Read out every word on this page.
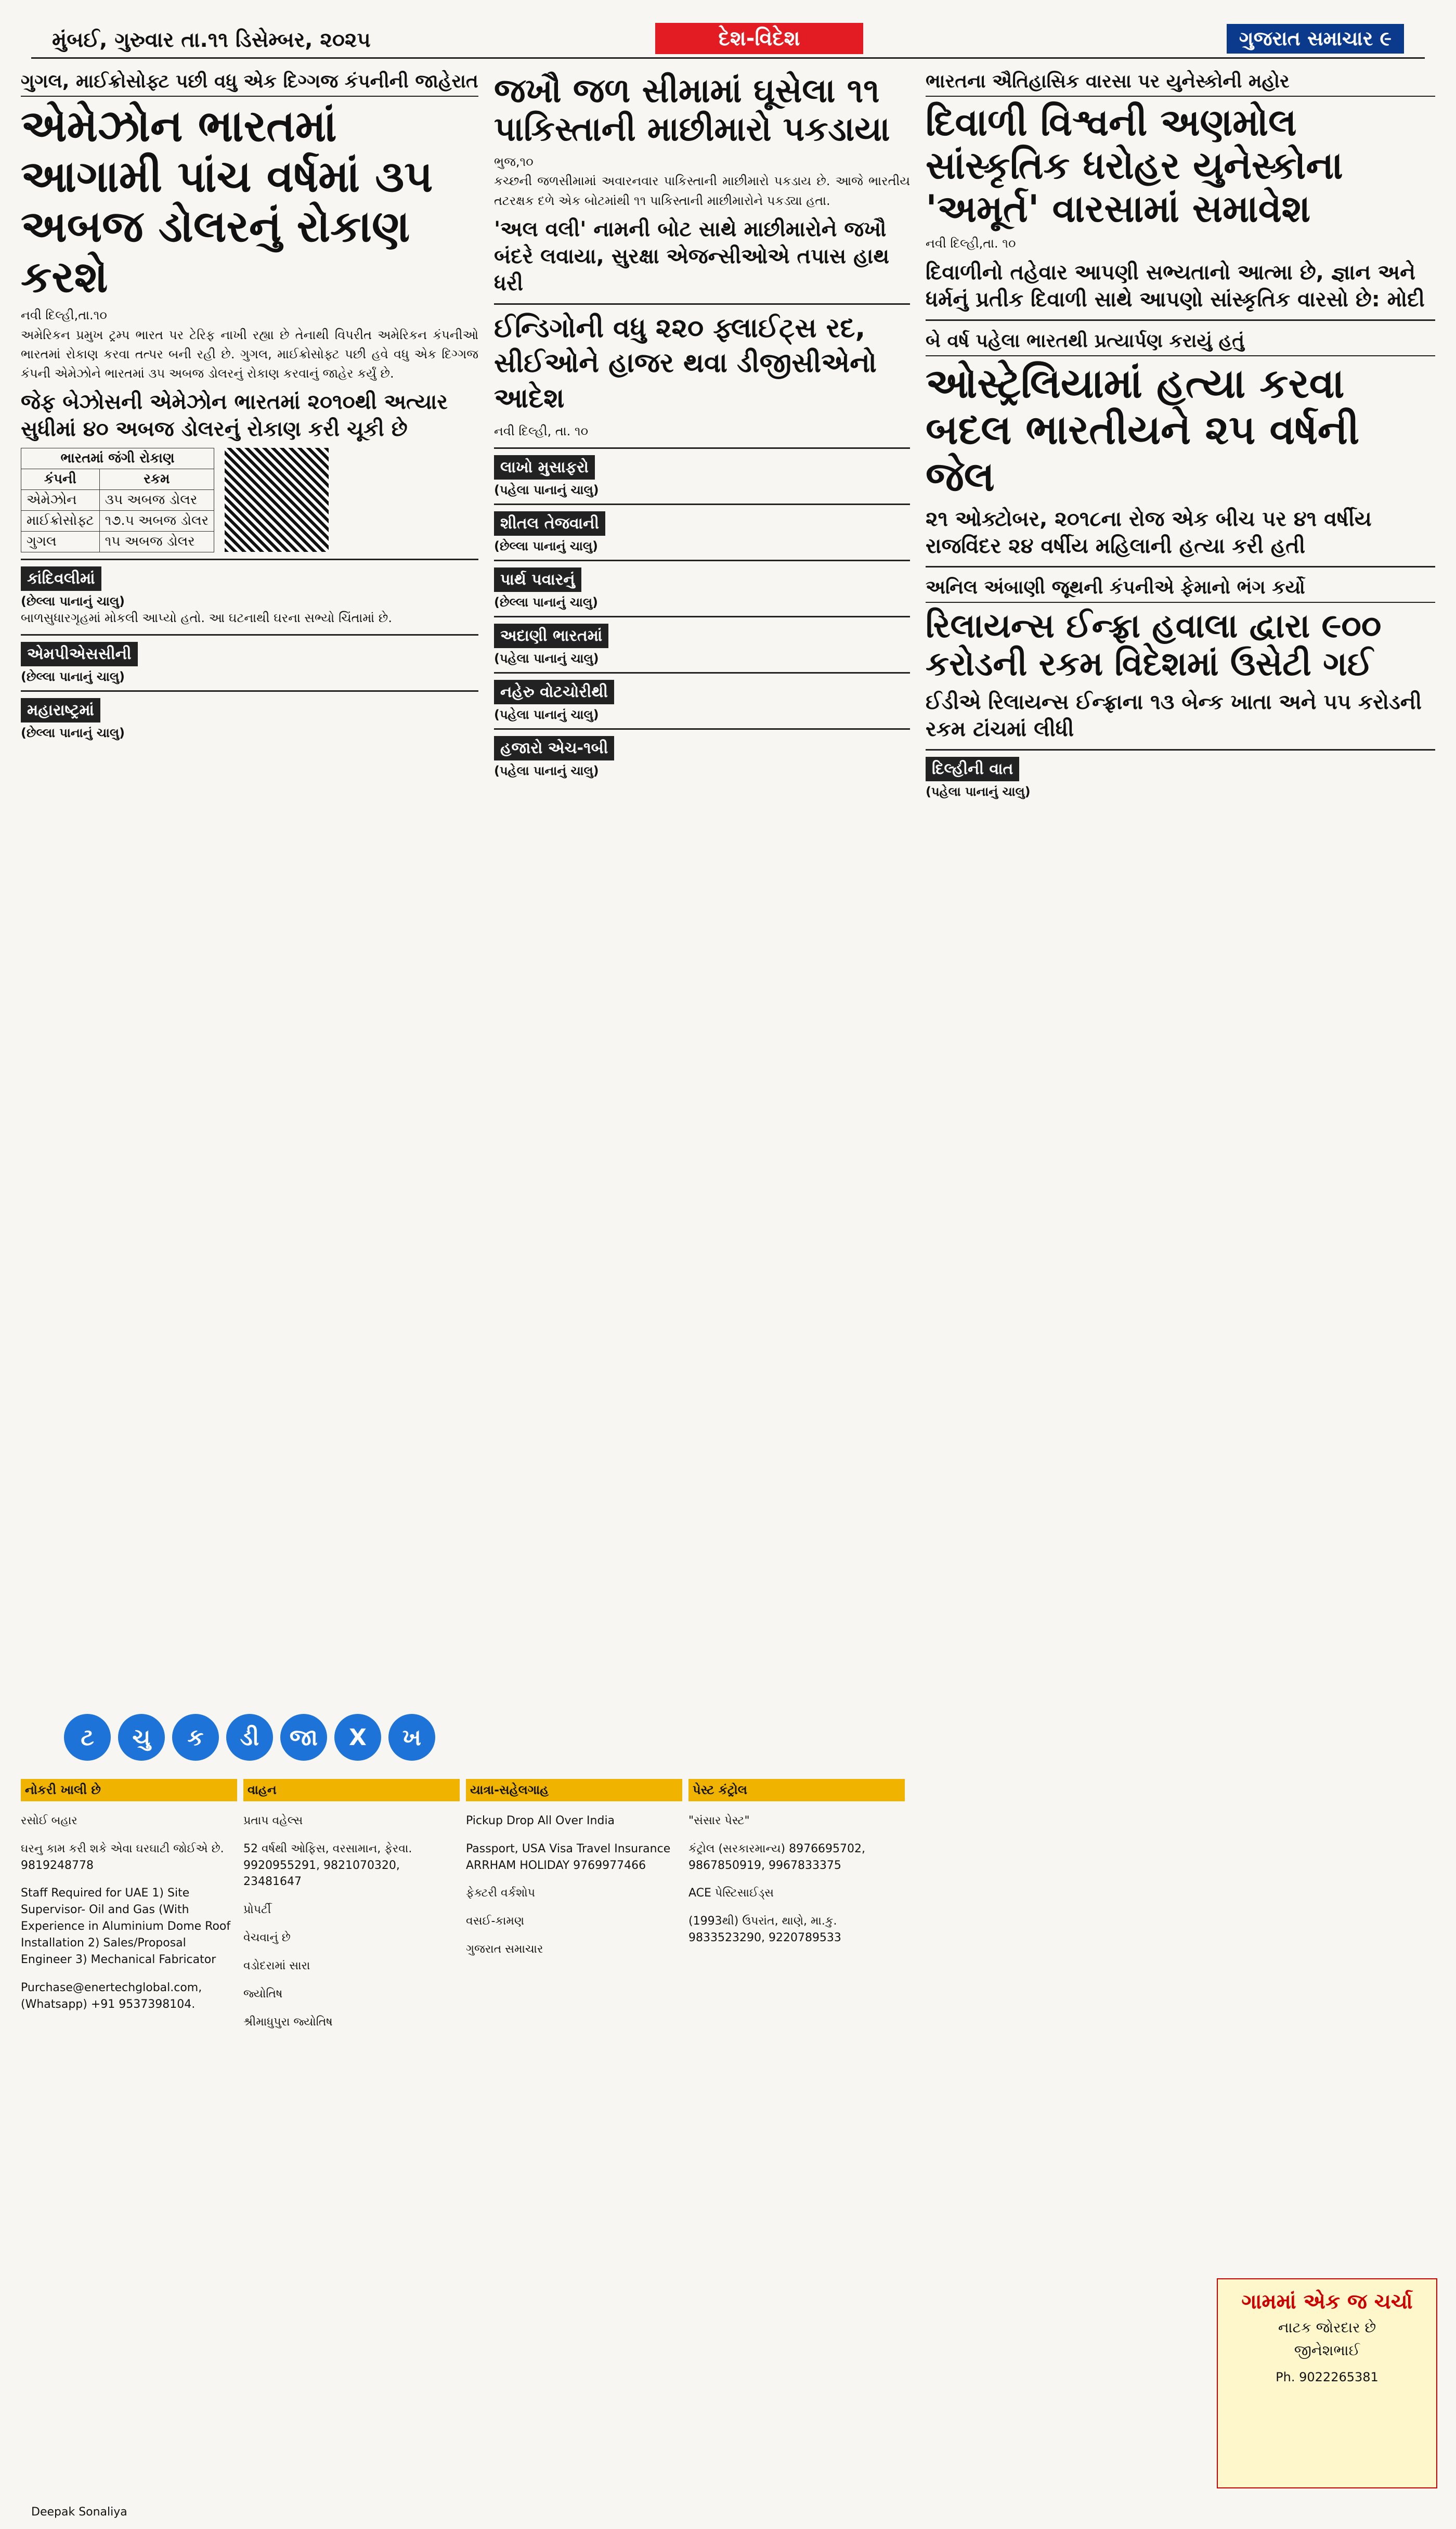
મુંબઈ, ગુરુવાર તા.૧૧ ડિસેમ્બર, ૨૦૨૫	દેશ-વિદેશ	ગુજરાત સમાચાર ૯
ગુગલ, માઈક્રોસોફ્ટ પછી વધુ એક દિગ્ગજ કંપનીની જાહેરાત
એમેઝોન ભારતમાં આગામી પાંચ વર્ષમાં ૩૫ અબજ ડોલરનું રોકાણ કરશે
નવી દિલ્હી,તા.૧૦
અમેરિકન પ્રમુખ ટ્રમ્પ ભારત પર ટેરિફ નાખી રહ્યા છે તેનાથી વિપરીત અમેરિકન કંપનીઓ ભારતમાં રોકાણ કરવા તત્પર બની રહી છે. ગુગલ, માઈક્રોસોફ્ટ પછી હવે વધુ એક દિગ્ગજ કંપની એમેઝોને ભારતમાં ૩૫ અબજ ડોલરનું રોકાણ કરવાનું જાહેર કર્યું છે.
જેફ બેઝોસની એમેઝોન ભારતમાં ૨૦૧૦થી અત્યાર સુધીમાં ૪૦ અબજ ડોલરનું રોકાણ કરી ચૂકી છે
ભારતમાં જંગી રોકાણ	
કંપની	રકમ
એમેઝોન	૩૫ અબજ ડોલર
માઈક્રોસોફ્ટ	૧૭.૫ અબજ ડોલર
ગુગલ	૧૫ અબજ ડોલર
કાંદિવલીમાં
(છેલ્લા પાનાનું ચાલુ)
બાળસુધારગૃહમાં મોકલી આપ્યો હતો. આ ઘટનાથી ઘરના સભ્યો ચિંતામાં છે.
એમપીએસસીની
(છેલ્લા પાનાનું ચાલુ)
મહારાષ્ટ્રમાં
(છેલ્લા પાનાનું ચાલુ)
જખૌ જળ સીમામાં ઘૂસેલા ૧૧ પાકિસ્તાની માછીમારો પકડાયા
ભુજ,૧૦
કચ્છની જળસીમામાં અવારનવાર પાકિસ્તાની માછીમારો પકડાય છે. આજે ભારતીય તટરક્ષક દળે એક બોટમાંથી ૧૧ પાકિસ્તાની માછીમારોને પકડ્યા હતા.
'અલ વલી' નામની બોટ સાથે માછીમારોને જખૌ બંદરે લવાયા, સુરક્ષા એજન્સીઓએ તપાસ હાથ ધરી
ઈન્ડિગોની વધુ ૨૨૦ ફ્લાઈટ્સ રદ, સીઈઓને હાજર થવા ડીજીસીએનો આદેશ
નવી દિલ્હી, તા. ૧૦
લાખો મુસાફરો
(પહેલા પાનાનું ચાલુ)
શીતલ તેજવાની
(છેલ્લા પાનાનું ચાલુ)
પાર્થ પવારનું
(છેલ્લા પાનાનું ચાલુ)
અદાણી ભારતમાં
(પહેલા પાનાનું ચાલુ)
નહેરુ વોટચોરીથી
(પહેલા પાનાનું ચાલુ)
હજારો એચ-૧બી
(પહેલા પાનાનું ચાલુ)
ભારતના ઐતિહાસિક વારસા પર યુનેસ્કોની મહોર
દિવાળી વિશ્વની અણમોલ સાંસ્કૃતિક ધરોહર યુનેસ્કોના 'અમૂર્ત' વારસામાં સમાવેશ
નવી દિલ્હી,તા. ૧૦
દિવાળીનો તહેવાર આપણી સભ્યતાનો આત્મા છે, જ્ઞાન અને ધર્મનું પ્રતીક દિવાળી સાથે આપણો સાંસ્કૃતિક વારસો છે: મોદી
બે વર્ષ પહેલા ભારતથી પ્રત્યાર્પણ કરાયું હતું
ઓસ્ટ્રેલિયામાં હત્યા કરવા બદલ ભારતીયને ૨૫ વર્ષની જેલ
૨૧ ઓક્ટોબર, ૨૦૧૮ના રોજ એક બીચ પર ૪૧ વર્ષીય રાજવિંદર ૨૪ વર્ષીય મહિલાની હત્યા કરી હતી
અનિલ અંબાણી જૂથની કંપનીએ ફેમાનો ભંગ કર્યો
રિલાયન્સ ઈન્ફ્રા હવાલા દ્વારા ૯૦૦ કરોડની રકમ વિદેશમાં ઉસેટી ગઈ
ઈડીએ રિલાયન્સ ઈન્ફ્રાના ૧૩ બેન્ક ખાતા અને ૫૫ કરોડની રકમ ટાંચમાં લીધી
દિલ્હીની વાત
(પહેલા પાનાનું ચાલુ)
ટ	ચુ	ક	ડી	જા	X	ખ
નોકરી ખાલી છે

રસોઈ બહાર

ઘરનુ કામ કરી શકે એવા ઘરઘાટી જોઈએ છે. 9819248778

Staff Required for UAE 1) Site Supervisor- Oil and Gas (With Experience in Aluminium Dome Roof Installation 2) Sales/Proposal Engineer 3) Mechanical Fabricator

Purchase@enertechglobal.com, (Whatsapp) +91 9537398104.

વાહન

પ્રતાપ વહેલ્સ

52 વર્ષથી ઓફિસ, વરસામાન, ફેરવા. 9920955291, 9821070320, 23481647

પ્રોપર્ટી

વેચવાનું છે

વડોદરામાં સારા

જ્યોતિષ

શ્રીમાધુપુરા જ્યોતિષ

યાત્રા-સહેલગાહ

Pickup Drop All Over India

Passport, USA Visa Travel Insurance ARRHAM HOLIDAY 9769977466

ફેક્ટરી વર્કશોપ

વસઈ-કામણ

ગુજરાત સમાચાર

પેસ્ટ કંટ્રોલ

"સંસાર પેસ્ટ"

કંટ્રોલ (સરકારમાન્ય) 8976695702, 9867850919, 9967833375

ACE પેસ્ટિસાઈડ્સ

(1993થી) ઉપરાંત, થાણે, મા.કુ. 9833523290, 9220789533

ગામમાં એક જ ચર્ચા
નાટક જોરદાર છે
જીનેશભાઈ
Ph. 9022265381
Deepak Sonaliya
